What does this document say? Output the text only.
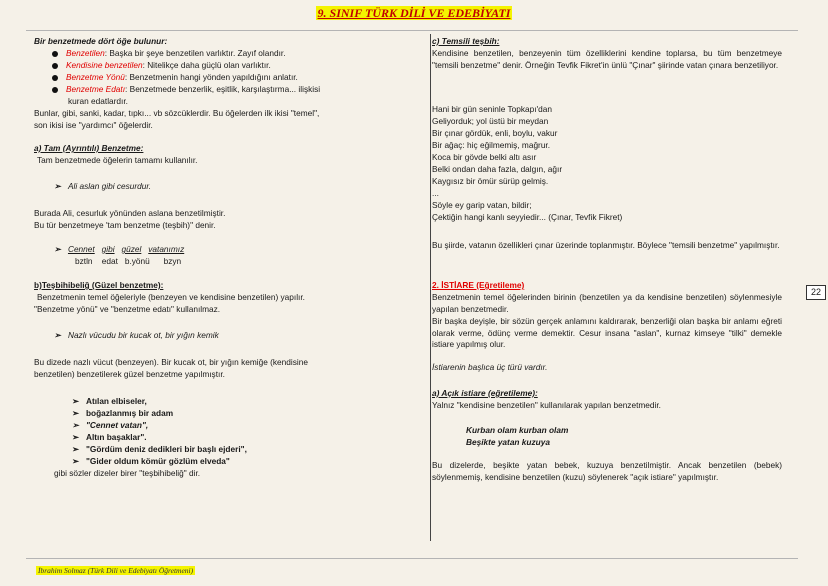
9. SINIF TÜRK DİLİ VE EDEBİYATI
Bir benzetmede dört öğe bulunur:
Benzetilen: Başka bir şeye benzetilen varlıktır. Zayıf olandır.
Kendisine benzetilen: Nitelikçe daha güçlü olan varlıktır.
Benzetme Yönü: Benzetmenin hangi yönden yapıldığını anlatır.
Benzetme Edatı: Benzetmede benzerlik, eşitlik, karşılaştırma... ilişkisi
kuran edatlardır.
Bunlar, gibi, sanki, kadar, tıpkı... vb sözcüklerdir. Bu öğelerden ilk ikisi "temel",
son ikisi ise "yardımcı" öğelerdir.
a) Tam (Ayrıntılı) Benzetme:
Tam benzetmede öğelerin tamamı kullanılır.
➢ Ali aslan gibi cesurdur.
Burada Ali, cesurluk yönünden aslana benzetilmiştir.
Bu tür benzetmeye 'tam benzetme (teşbih)" denir.
➢ Cennet gibi güzel vatanımız
bztln edat b.yönü bzyn
b)Teşbihibeliğ (Güzel benzetme):
Benzetmenin temel öğeleriyle (benzeyen ve kendisine benzetilen) yapılır.
"Benzetme yönü" ve "benzetme edatı" kullanılmaz.
➢ Nazlı vücudu bir kucak ot, bir yığın kemik
Bu dizede nazlı vücut (benzeyen). Bir kucak ot, bir yığın kemiğe (kendisine
benzetilen) benzetilerek güzel benzetme yapılmıştır.
➢ Atılan elbiseler,
➢ boğazlanmış bir adam
➢ "Cennet vatan",
➢ Altın başaklar".
➢ "Gördüm deniz dedikleri bir başlı ejderi",
➢ "Gider oldum kömür gözlüm elveda"
gibi sözler dizeler birer "teşbihibeliğ" dir.
c) Temsili teşbih:

Kendisine benzetilen, benzeyenin tüm özelliklerini kendine toplarsa, bu tüm benzetmeye "temsili benzetme" denir. Örneğin Tevfik Fikret'in ünlü "Çınar" şiirinde vatan çınara benzetiliyor.

Hani bir gün seninle Topkapı'dan
Geliyorduk; yol üstü bir meydan
Bir çınar gördük, enli, boylu, vakur
Bir ağaç: hiç eğilmemiş, mağrur.
Koca bir gövde belki altı asır
Belki ondan daha fazla, dalgın, ağır
Kaygısız bir ömür sürüp gelmiş.
...
Söyle ey garip vatan, bildir;
Çektiğin hangi kanlı seyyiedir... (Çınar, Tevfik Fikret)

Bu şiirde, vatanın özellikleri çınar üzerinde toplanmıştır. Böylece "temsili benzetme" yapılmıştır.

2. İSTİARE (Eğretileme)

Benzetmenin temel öğelerinden birinin (benzetilen ya da kendisine benzetilen) söylenmesiyle yapılan benzetmedir.

Bir başka deyişle, bir sözün gerçek anlamını kaldırarak, benzerliği olan başka bir anlamı eğreti olarak verme, ödünç verme demektir. Cesur insana "aslan", kurnaz kimseye "tilki" demekle istiare yapılmış olur.

İstiarenin başlıca üç türü vardır.
a) Açık istiare (eğretileme):
Yalnız "kendisine benzetilen" kullanılarak yapılan benzetmedir.
Kurban olam kurban olam
Beşikte yatan kuzuya

Bu dizelerde, beşikte yatan bebek, kuzuya benzetilmiştir. Ancak benzetilen (bebek) söylenmemiş, kendisine benzetilen (kuzu) söylenerek "açık istiare" yapılmıştır.

22
İbrahim Solmaz (Türk Dili ve Edebiyatı Öğretmeni)
